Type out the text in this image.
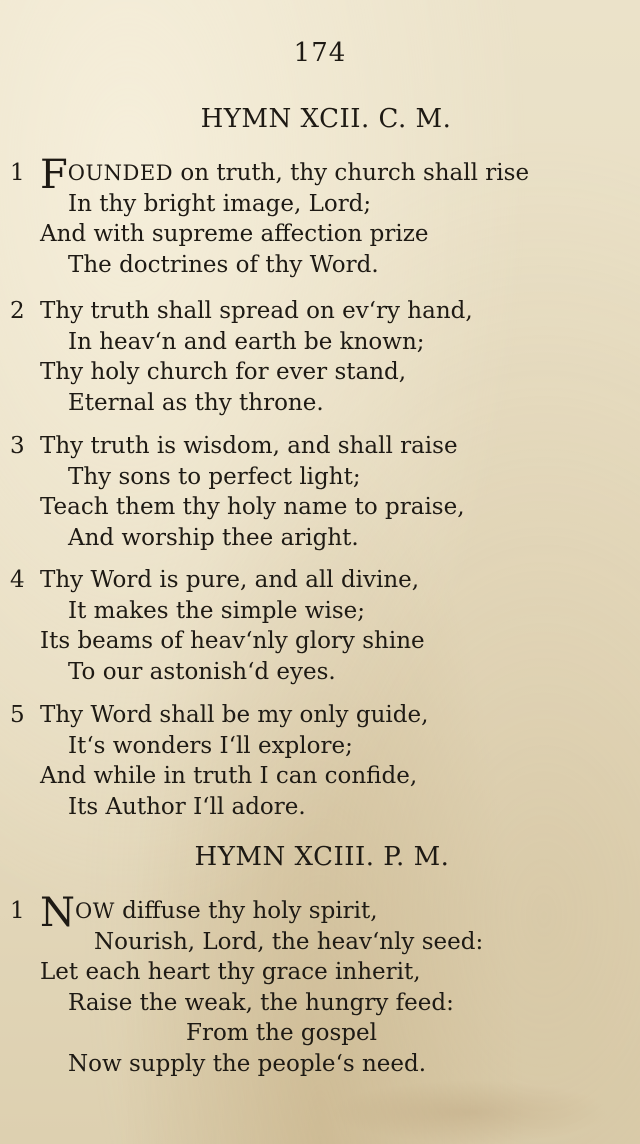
174
HYMN XCII. C. M.
1 FOUNDED on truth, thy church shall rise
In thy bright image, Lord;
And with supreme affection prize
The doctrines of thy Word.
2 Thy truth shall spread on ev‘ry hand,
In heav‘n and earth be known;
Thy holy church for ever stand,
Eternal as thy throne.
3 Thy truth is wisdom, and shall raise
Thy sons to perfect light;
Teach them thy holy name to praise,
And worship thee aright.
4 Thy Word is pure, and all divine,
It makes the simple wise;
Its beams of heav‘nly glory shine
To our astonish‘d eyes.
5 Thy Word shall be my only guide,
It‘s wonders I‘ll explore;
And while in truth I can confide,
Its Author I‘ll adore.
HYMN XCIII. P. M.
1 NOW diffuse thy holy spirit,
Nourish, Lord, the heav‘nly seed:
Let each heart thy grace inherit,
Raise the weak, the hungry feed:
From the gospel
Now supply the people‘s need.
